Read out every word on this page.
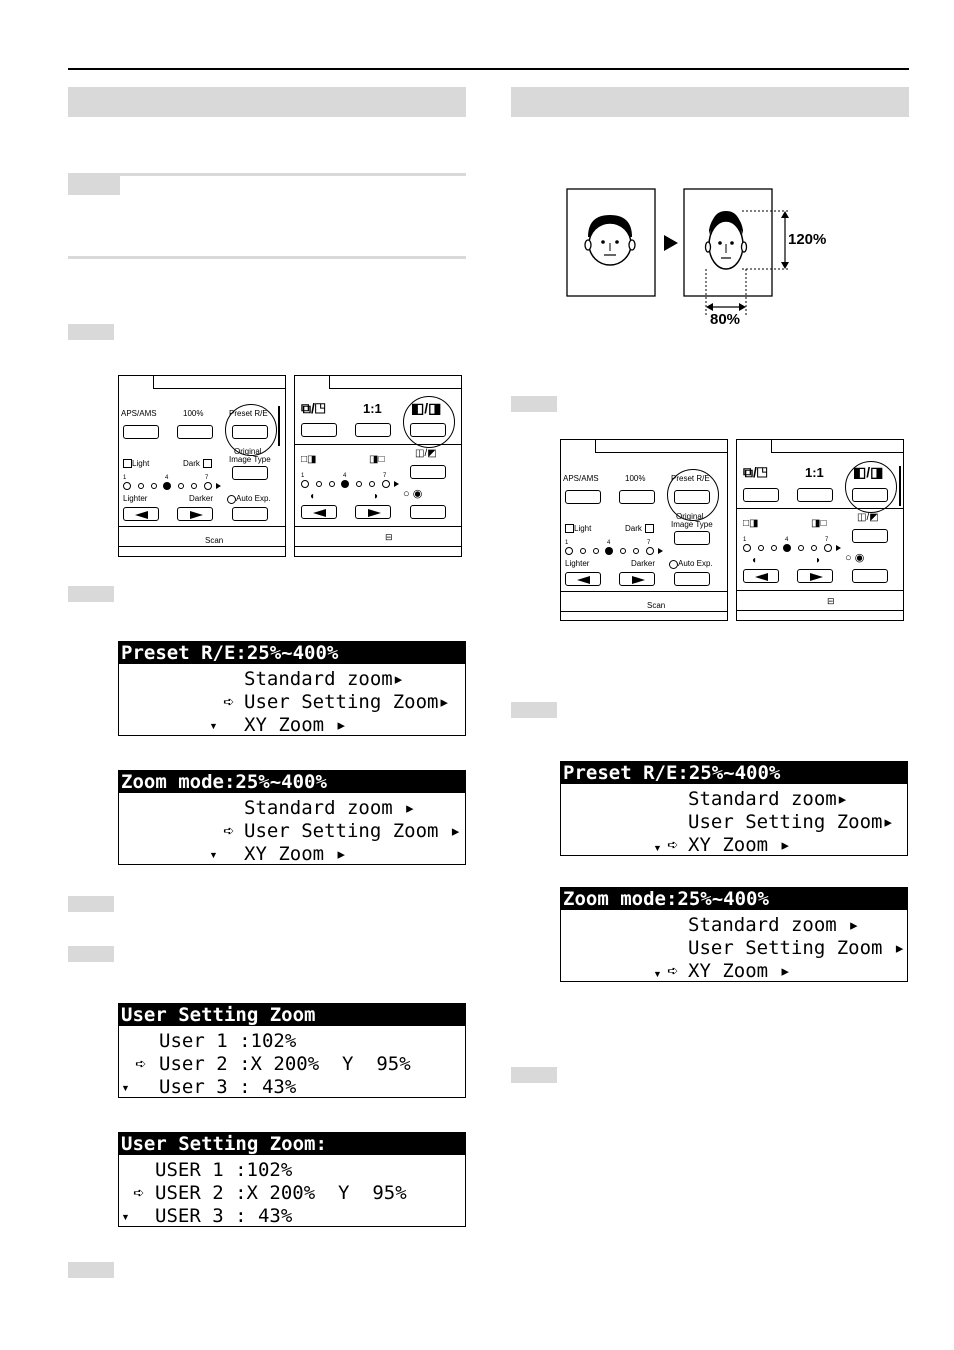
120%
80%
APS/AMS	100%	Preset R/E
Light	Dark
Original
Image Type
1	4	7
Lighter	Darker	Auto Exp.
Scan
⧉/◳	1:1 ◧/◨
□◨	◨□
◫/◩
1	4	7
◖	◗ ○ ◉
⊟
APS/AMS	100%	Preset R/E
Light	Dark
Original
Image Type
1	4	7
Lighter	Darker	Auto Exp.
Scan
⧉/◳	1:1 ◧/◨
□◨	◨□
◫/◩
1	4	7
◖	◗ ○ ◉
⊟
Preset R/E:25%~400%
Standard zoom▸
➪ User Setting Zoom▸
▼ XY Zoom ▸
Zoom mode:25%~400%
Standard zoom ▸
➪ User Setting Zoom ▸
▼ XY Zoom ▸
User Setting Zoom
User 1 :102%
➪ User 2 :X 200%  Y  95%
▼ User 3 : 43%
User Setting Zoom:
USER 1 :102%
➪ USER 2 :X 200%  Y  95%
▼ USER 3 : 43%
Preset R/E:25%~400%
Standard zoom▸
User Setting Zoom▸
▼ ➪ XY Zoom ▸
Zoom mode:25%~400%
Standard zoom ▸
User Setting Zoom ▸
▼ ➪ XY Zoom ▸
